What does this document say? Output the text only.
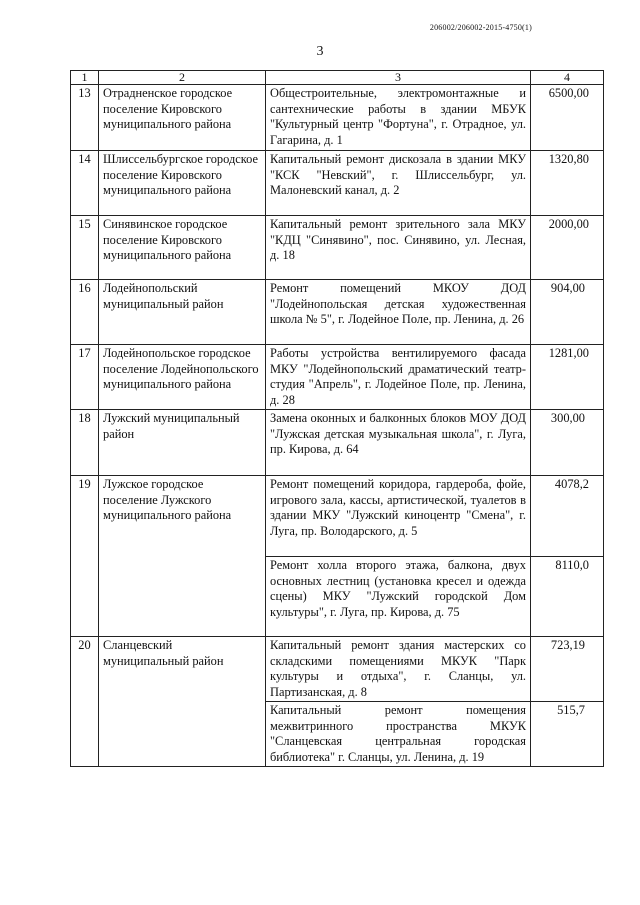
206002/206002-2015-4750(1)
3
1	2	3	4
13	Отрадненское городское поселение Кировского муниципального района	Общестроительные, электромонтажные и сантехнические работы в здании МБУК "Культурный центр "Фортуна", г. Отрадное, ул. Гагарина, д. 1	6500,00
14	Шлиссельбургское городское поселение Кировского муниципального района	Капитальный ремонт дискозала в здании МКУ "КСК "Невский", г. Шлиссельбург, ул. Малоневский канал, д. 2	1320,80
15	Синявинское городское поселение Кировского муниципального района	Капитальный ремонт зрительного зала МКУ "КДЦ "Синявино", пос. Синявино, ул. Лесная, д. 18	2000,00
16	Лодейнопольский муниципальный район	Ремонт помещений МКОУ ДОД "Лодейнопольская детская художественная школа № 5", г. Лодейное Поле, пр. Ленина, д. 26	904,00
17	Лодейнопольское городское поселение Лодейнопольского муниципального района	Работы устройства вентилируемого фасада МКУ "Лодейнопольский драматический театр-студия "Апрель", г. Лодейное Поле, пр. Ленина, д. 28	1281,00
18	Лужский муниципальный район	Замена оконных и балконных блоков МОУ ДОД "Лужская детская музыкальная школа", г. Луга, пр. Кирова, д. 64	300,00
19	Лужское городское поселение Лужского муниципального района	Ремонт помещений коридора, гардероба, фойе, игрового зала, кассы, артистической, туалетов в здании МКУ "Лужский киноцентр "Смена", г. Луга, пр. Володарского, д. 5	4078,2
		Ремонт холла второго этажа, балкона, двух основных лестниц (установка кресел и одежда сцены) МКУ "Лужский городской Дом культуры", г. Луга, пр. Кирова, д. 75	8110,0
20	Сланцевский муниципальный район	Капитальный ремонт здания мастерских со складскими помещениями МКУК "Парк культуры и отдыха", г. Сланцы, ул. Партизанская, д. 8	723,19
		Капитальный ремонт помещения межвитринного пространства МКУК "Сланцевская центральная городская библиотека" г. Сланцы, ул. Ленина, д. 19	515,7
